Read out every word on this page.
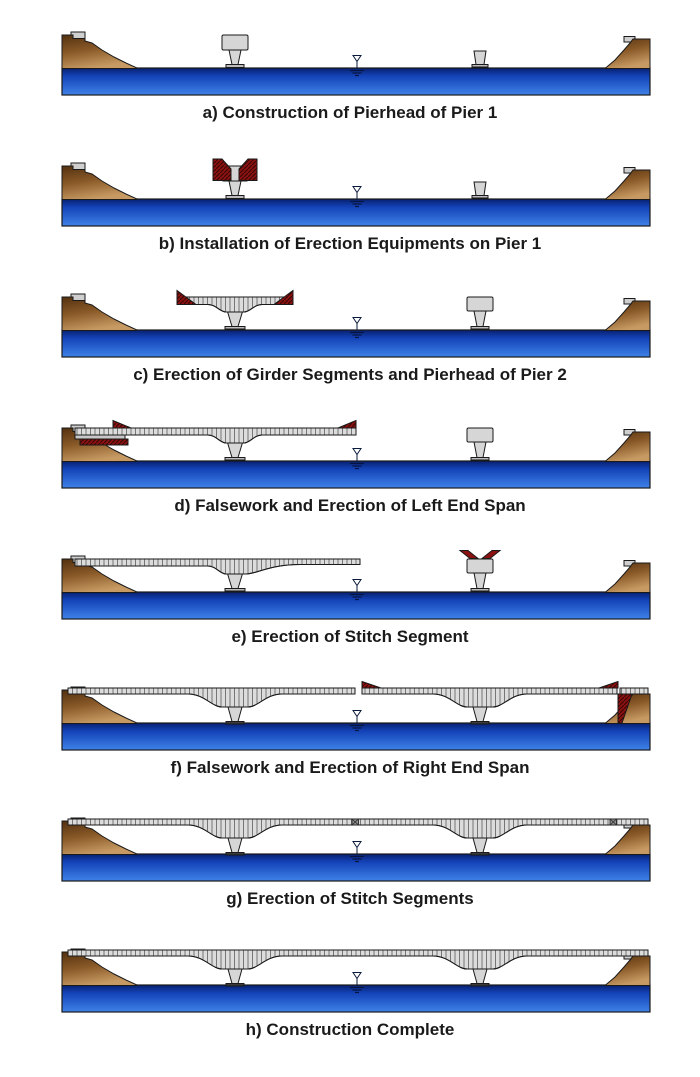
a) Construction of Pierhead of Pier 1
b) Installation of Erection Equipments on Pier 1
c) Erection of Girder Segments and Pierhead of Pier 2
d) Falsework and Erection of Left End Span
e) Erection of Stitch Segment
f) Falsework and Erection of Right End Span
g) Erection of Stitch Segments
h) Construction Complete
